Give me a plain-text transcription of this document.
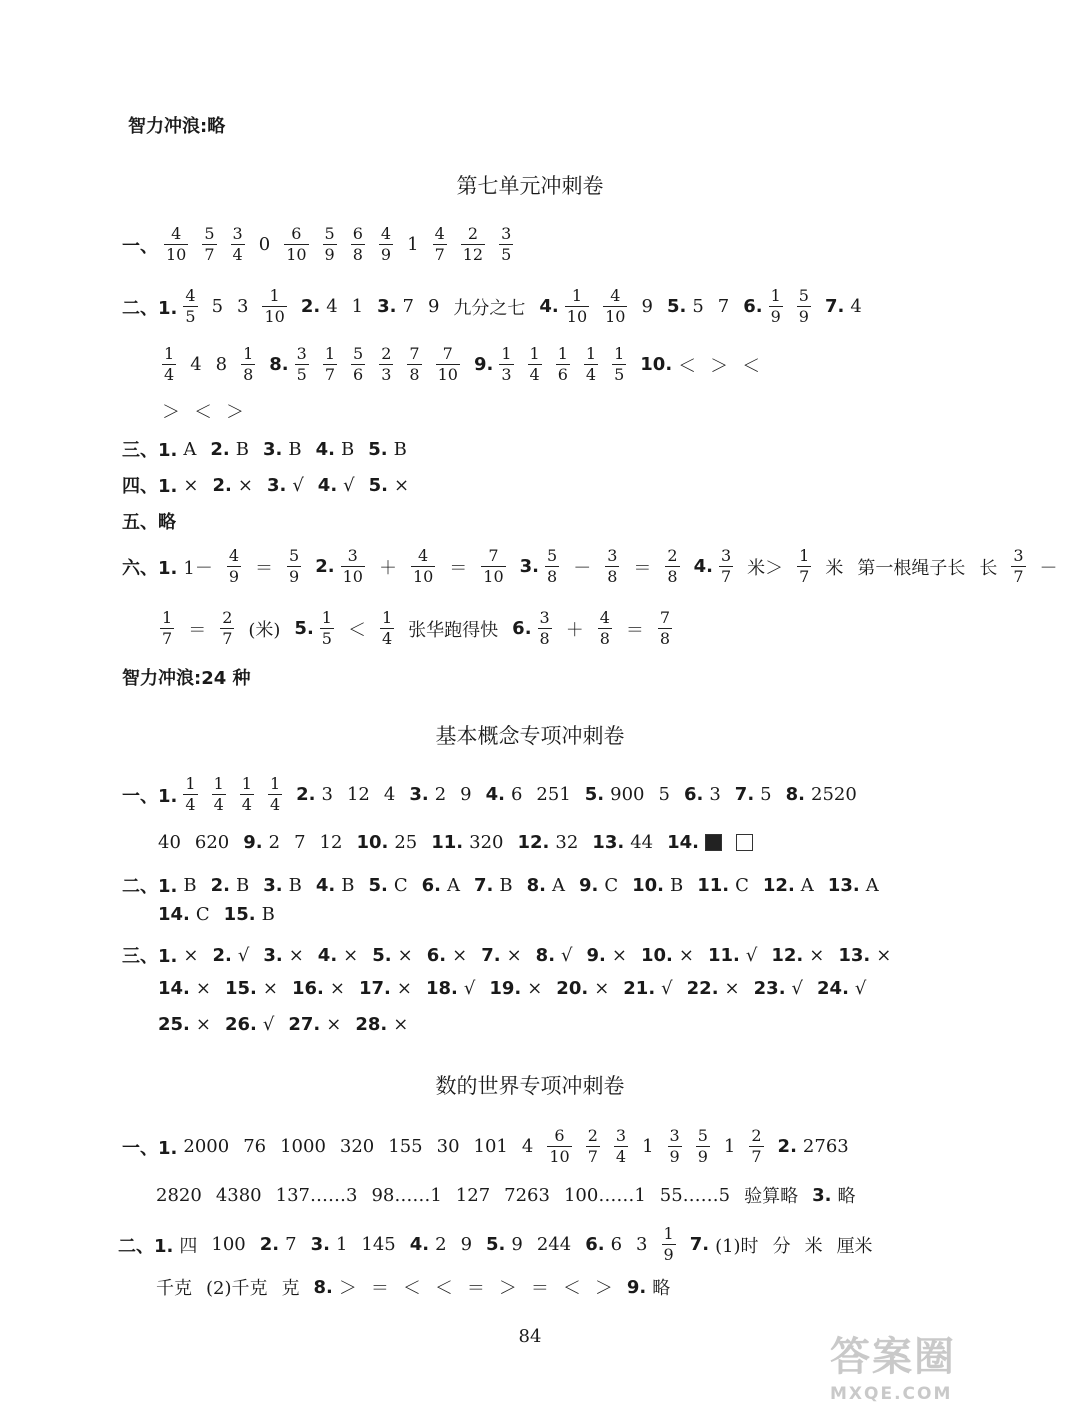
智力冲浪:略
第七单元冲刺卷
一、 $\frac{4}{10} \frac{5}{7} \frac{3}{4} 0 \frac{6}{10} \frac{5}{9} \frac{6}{8} \frac{4}{9} 1 \frac{4}{7} \frac{2}{12} \frac{3}{5}$
二、1. $\frac{4}{5} 5$ $3 \frac{1}{10} 2$. 4 1 3. 7 9 九分之七 4. $\frac{1}{10} \frac{4}{10} 9$ 5. 5 7 6. $\frac{1}{9} \frac{5}{9} 7$. 4
$\frac{1}{4} 4$ $8 \frac{1}{8} 8$. $\frac{3}{5} \frac{1}{7} \frac{5}{6} \frac{2}{3} \frac{7}{8} \frac{7}{10} 9$. $\frac{1}{3} \frac{1}{4} \frac{1}{6} \frac{1}{4} \frac{1}{5} 10$. ＜ ＞ ＜
＞ ＜ ＞
三、1. A 2. B 3. B 4. B 5. B
四、1. × 2. × 3. √ 4. √ 5. ×
五、略
六、1. $1- \frac{4}{9} = \frac{5}{9} 2$. $\frac{3}{10} + \frac{4}{10} = \frac{7}{10} 3$. $\frac{5}{8} - \frac{3}{8} = \frac{2}{8} 4$. $\frac{3}{7}$ 米＞ $\frac{1}{7}$ 米 第一根绳子长 长 $\frac{3}{7}$ －
$\frac{1}{7} = \frac{2}{7}$ (米) 5. $\frac{1}{5} < \frac{1}{4}$ 张华跑得快 6. $\frac{3}{8} + \frac{4}{8} = \frac{7}{8}$
智力冲浪:24 种
基本概念专项冲刺卷
一、1. $\frac{1}{4} \frac{1}{4} \frac{1}{4} \frac{1}{4} 2$. 3 12 4 3. 2 9 4. 6 251 5. 900 5 6. 3 7. 5 8. 2520
40 620 9. 2 7 12 10. 25 11. 320 12. 32 13. 44 14.
二、1. B 2. B 3. B 4. B 5. C 6. A 7. B 8. A 9. C 10. B 11. C 12. A 13. A
14. C 15. B
三、1. × 2. √ 3. × 4. × 5. × 6. × 7. × 8. √ 9. × 10. × 11. √ 12. × 13. ×
14. × 15. × 16. × 17. × 18. √ 19. × 20. × 21. √ 22. × 23. √ 24. √
25. × 26. √ 27. × 28. ×
数的世界专项冲刺卷
一、1. 2000 76 1000 320 155 30 101 $4 \frac{6}{10} \frac{2}{7} \frac{3}{4} 1 \frac{3}{9} \frac{5}{9} 1 \frac{2}{7} 2$. 2763
2820 4380 137……3 98……1 127 7263 100……1 55……5 验算略 3. 略
二、1. 四 100 2. 7 3. 1 145 4. 2 9 5. 9 244 6. 6 $3 \frac{1}{9} 7$. (1)时 分 米 厘米
千克 (2)千克 克 8. ＞ ＝ ＜ ＜ ＝ ＞ ＝ ＜ ＞ 9. 略
84	答案圈
MXQE.COM
